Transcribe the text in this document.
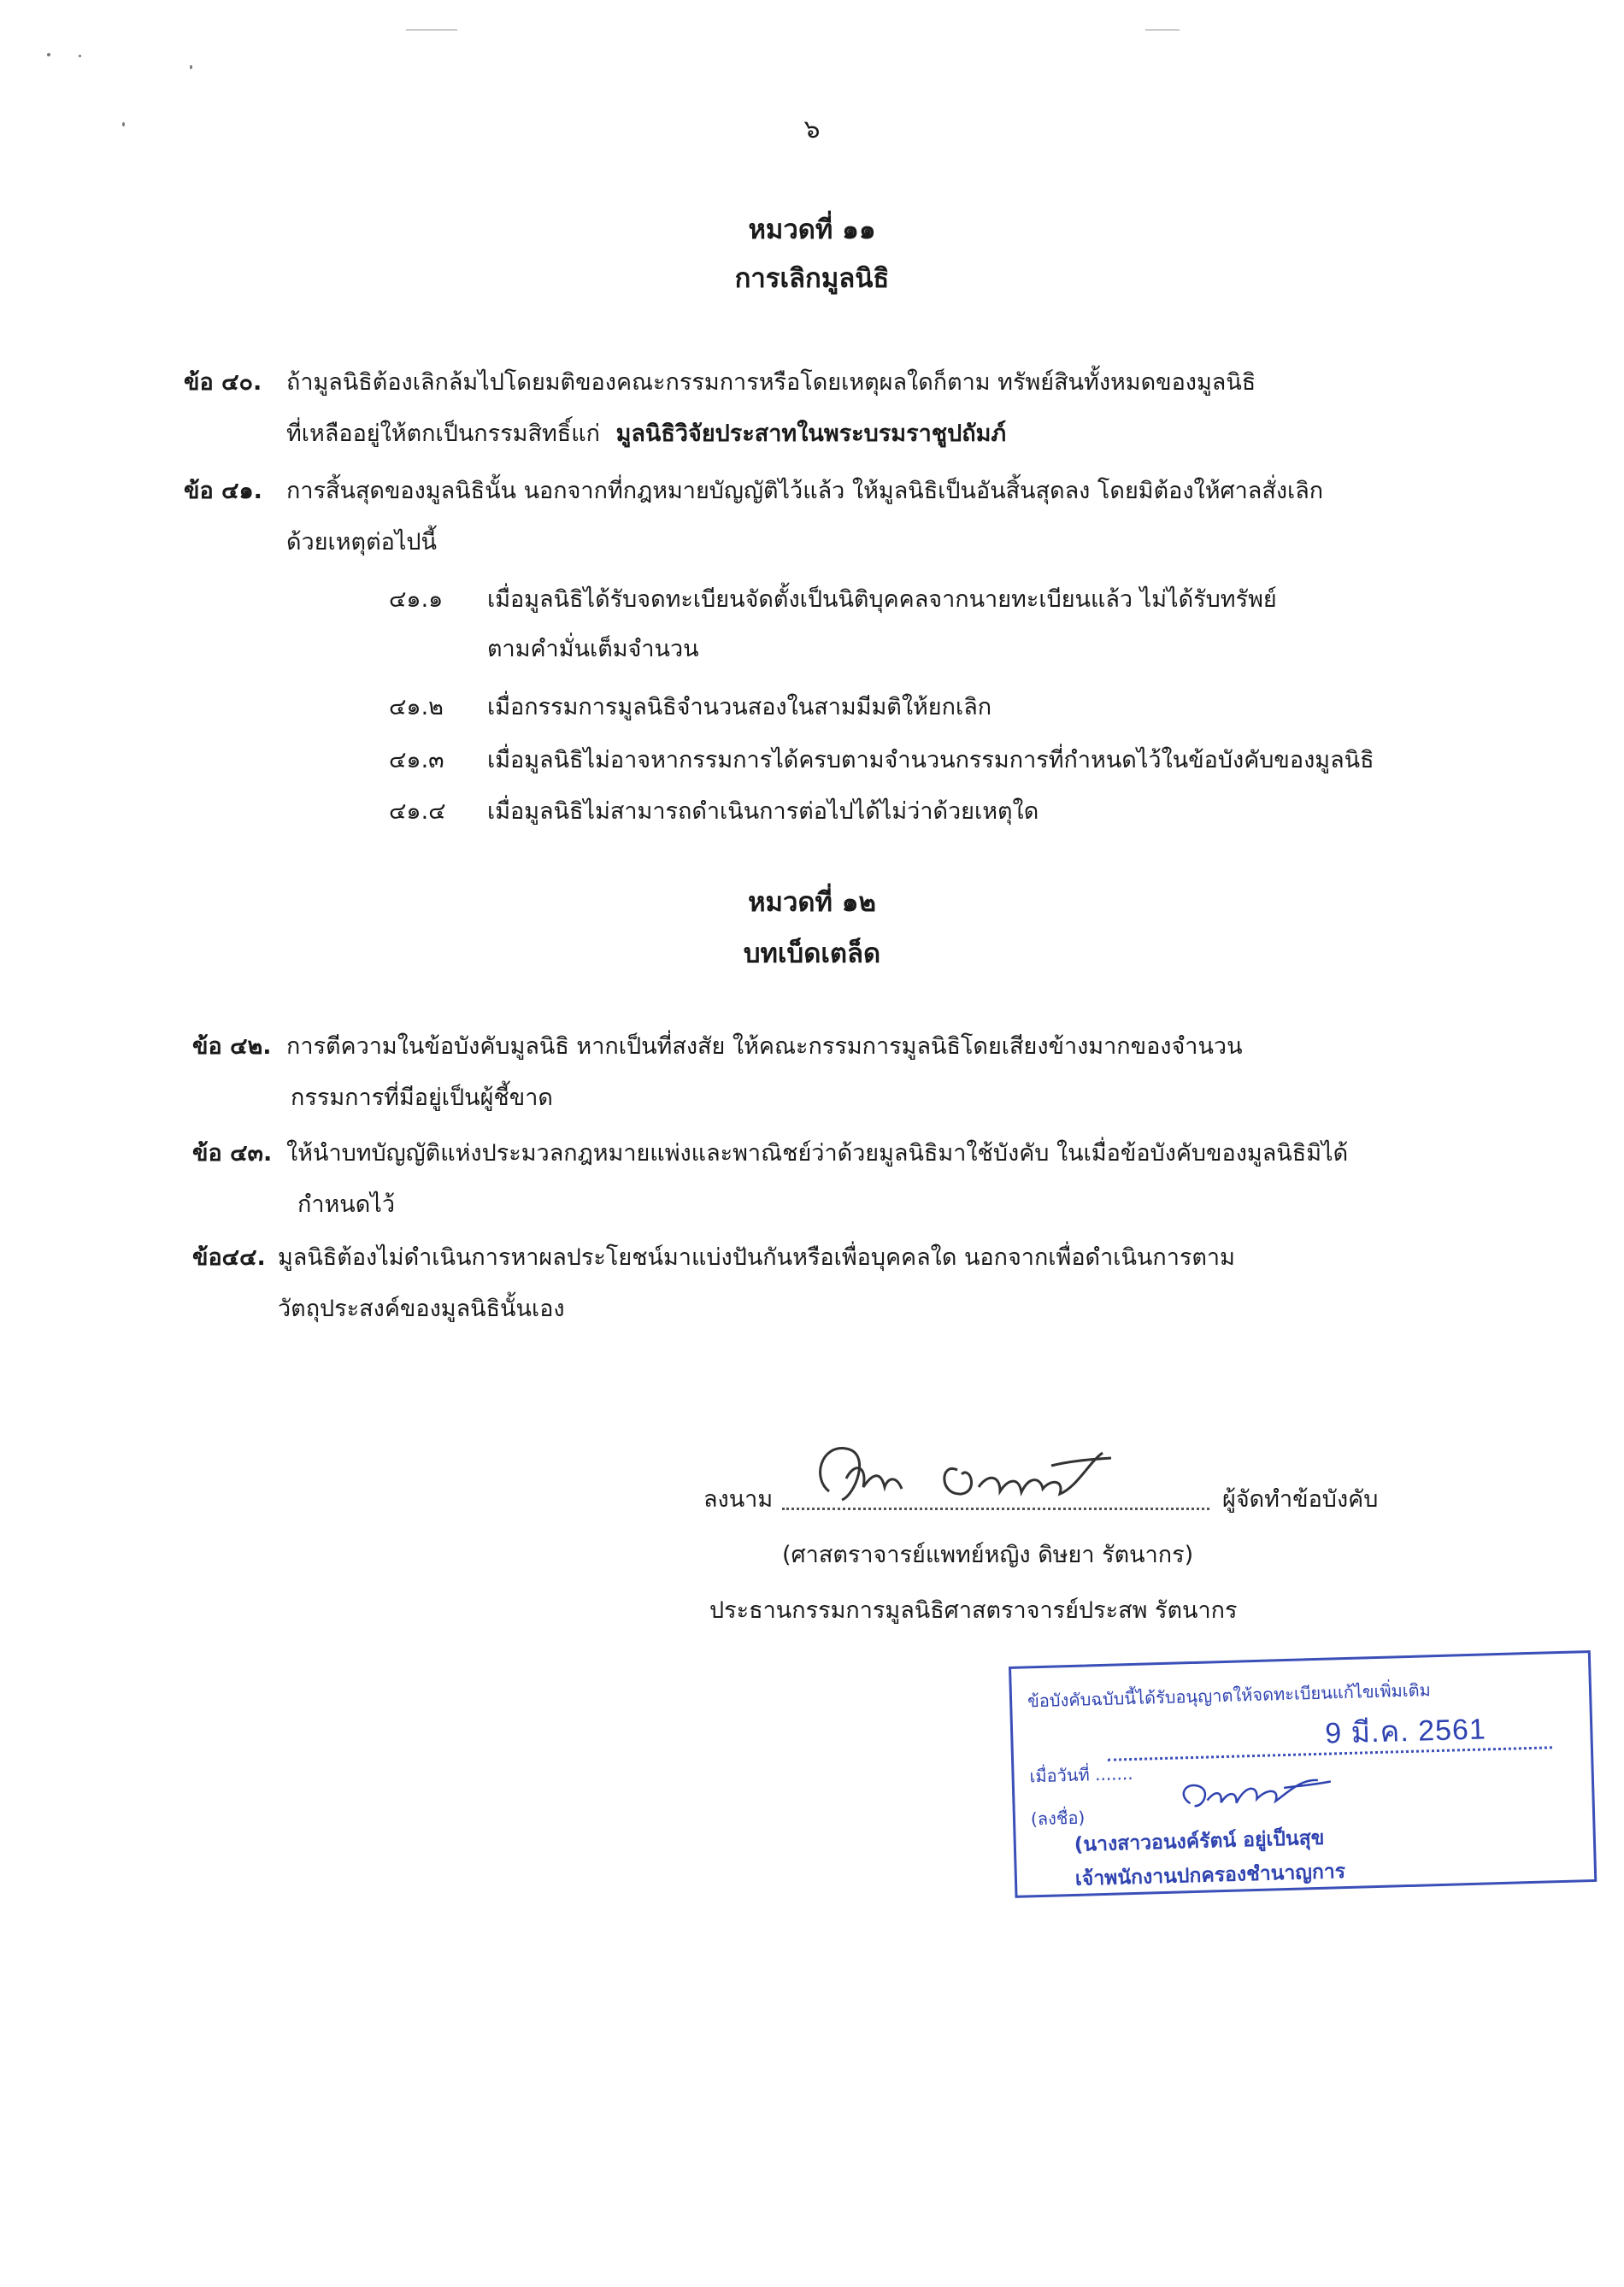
๖
หมวดที่ ๑๑
การเลิกมูลนิธิ
ข้อ ๔๐. ถ้ามูลนิธิต้องเลิกล้มไปโดยมติของคณะกรรมการหรือโดยเหตุผลใดก็ตาม ทรัพย์สินทั้งหมดของมูลนิธิ
ที่เหลืออยู่ให้ตกเป็นกรรมสิทธิ์แก่ มูลนิธิวิจัยประสาทในพระบรมราชูปถัมภ์
ข้อ ๔๑. การสิ้นสุดของมูลนิธินั้น นอกจากที่กฎหมายบัญญัติไว้แล้ว ให้มูลนิธิเป็นอันสิ้นสุดลง โดยมิต้องให้ศาลสั่งเลิก
ด้วยเหตุต่อไปนี้
๔๑.๑ เมื่อมูลนิธิได้รับจดทะเบียนจัดตั้งเป็นนิติบุคคลจากนายทะเบียนแล้ว ไม่ได้รับทรัพย์
ตามคำมั่นเต็มจำนวน
๔๑.๒ เมื่อกรรมการมูลนิธิจำนวนสองในสามมีมติให้ยกเลิก
๔๑.๓ เมื่อมูลนิธิไม่อาจหากรรมการได้ครบตามจำนวนกรรมการที่กำหนดไว้ในข้อบังคับของมูลนิธิ
๔๑.๔ เมื่อมูลนิธิไม่สามารถดำเนินการต่อไปได้ไม่ว่าด้วยเหตุใด
หมวดที่ ๑๒
บทเบ็ดเตล็ด
ข้อ ๔๒. การตีความในข้อบังคับมูลนิธิ หากเป็นที่สงสัย ให้คณะกรรมการมูลนิธิโดยเสียงข้างมากของจำนวน
กรรมการที่มีอยู่เป็นผู้ชี้ขาด
ข้อ ๔๓. ให้นำบทบัญญัติแห่งประมวลกฎหมายแพ่งและพาณิชย์ว่าด้วยมูลนิธิมาใช้บังคับ ในเมื่อข้อบังคับของมูลนิธิมิได้
กำหนดไว้
ข้อ๔๔. มูลนิธิต้องไม่ดำเนินการหาผลประโยชน์มาแบ่งปันกันหรือเพื่อบุคคลใด นอกจากเพื่อดำเนินการตาม
วัตถุประสงค์ของมูลนิธินั้นเอง
ลงนาม	ผู้จัดทำข้อบังคับ
(ศาสตราจารย์แพทย์หญิง ดิษยา รัตนากร)
ประธานกรรมการมูลนิธิศาสตราจารย์ประสพ รัตนากร
ข้อบังคับฉบับนี้ได้รับอนุญาตให้จดทะเบียนแก้ไขเพิ่มเติม
9 มี.ค. 2561
เมื่อวันที่ .......
(ลงชื่อ)
(นางสาวอนงค์รัตน์ อยู่เป็นสุข
เจ้าพนักงานปกครองชำนาญการ
